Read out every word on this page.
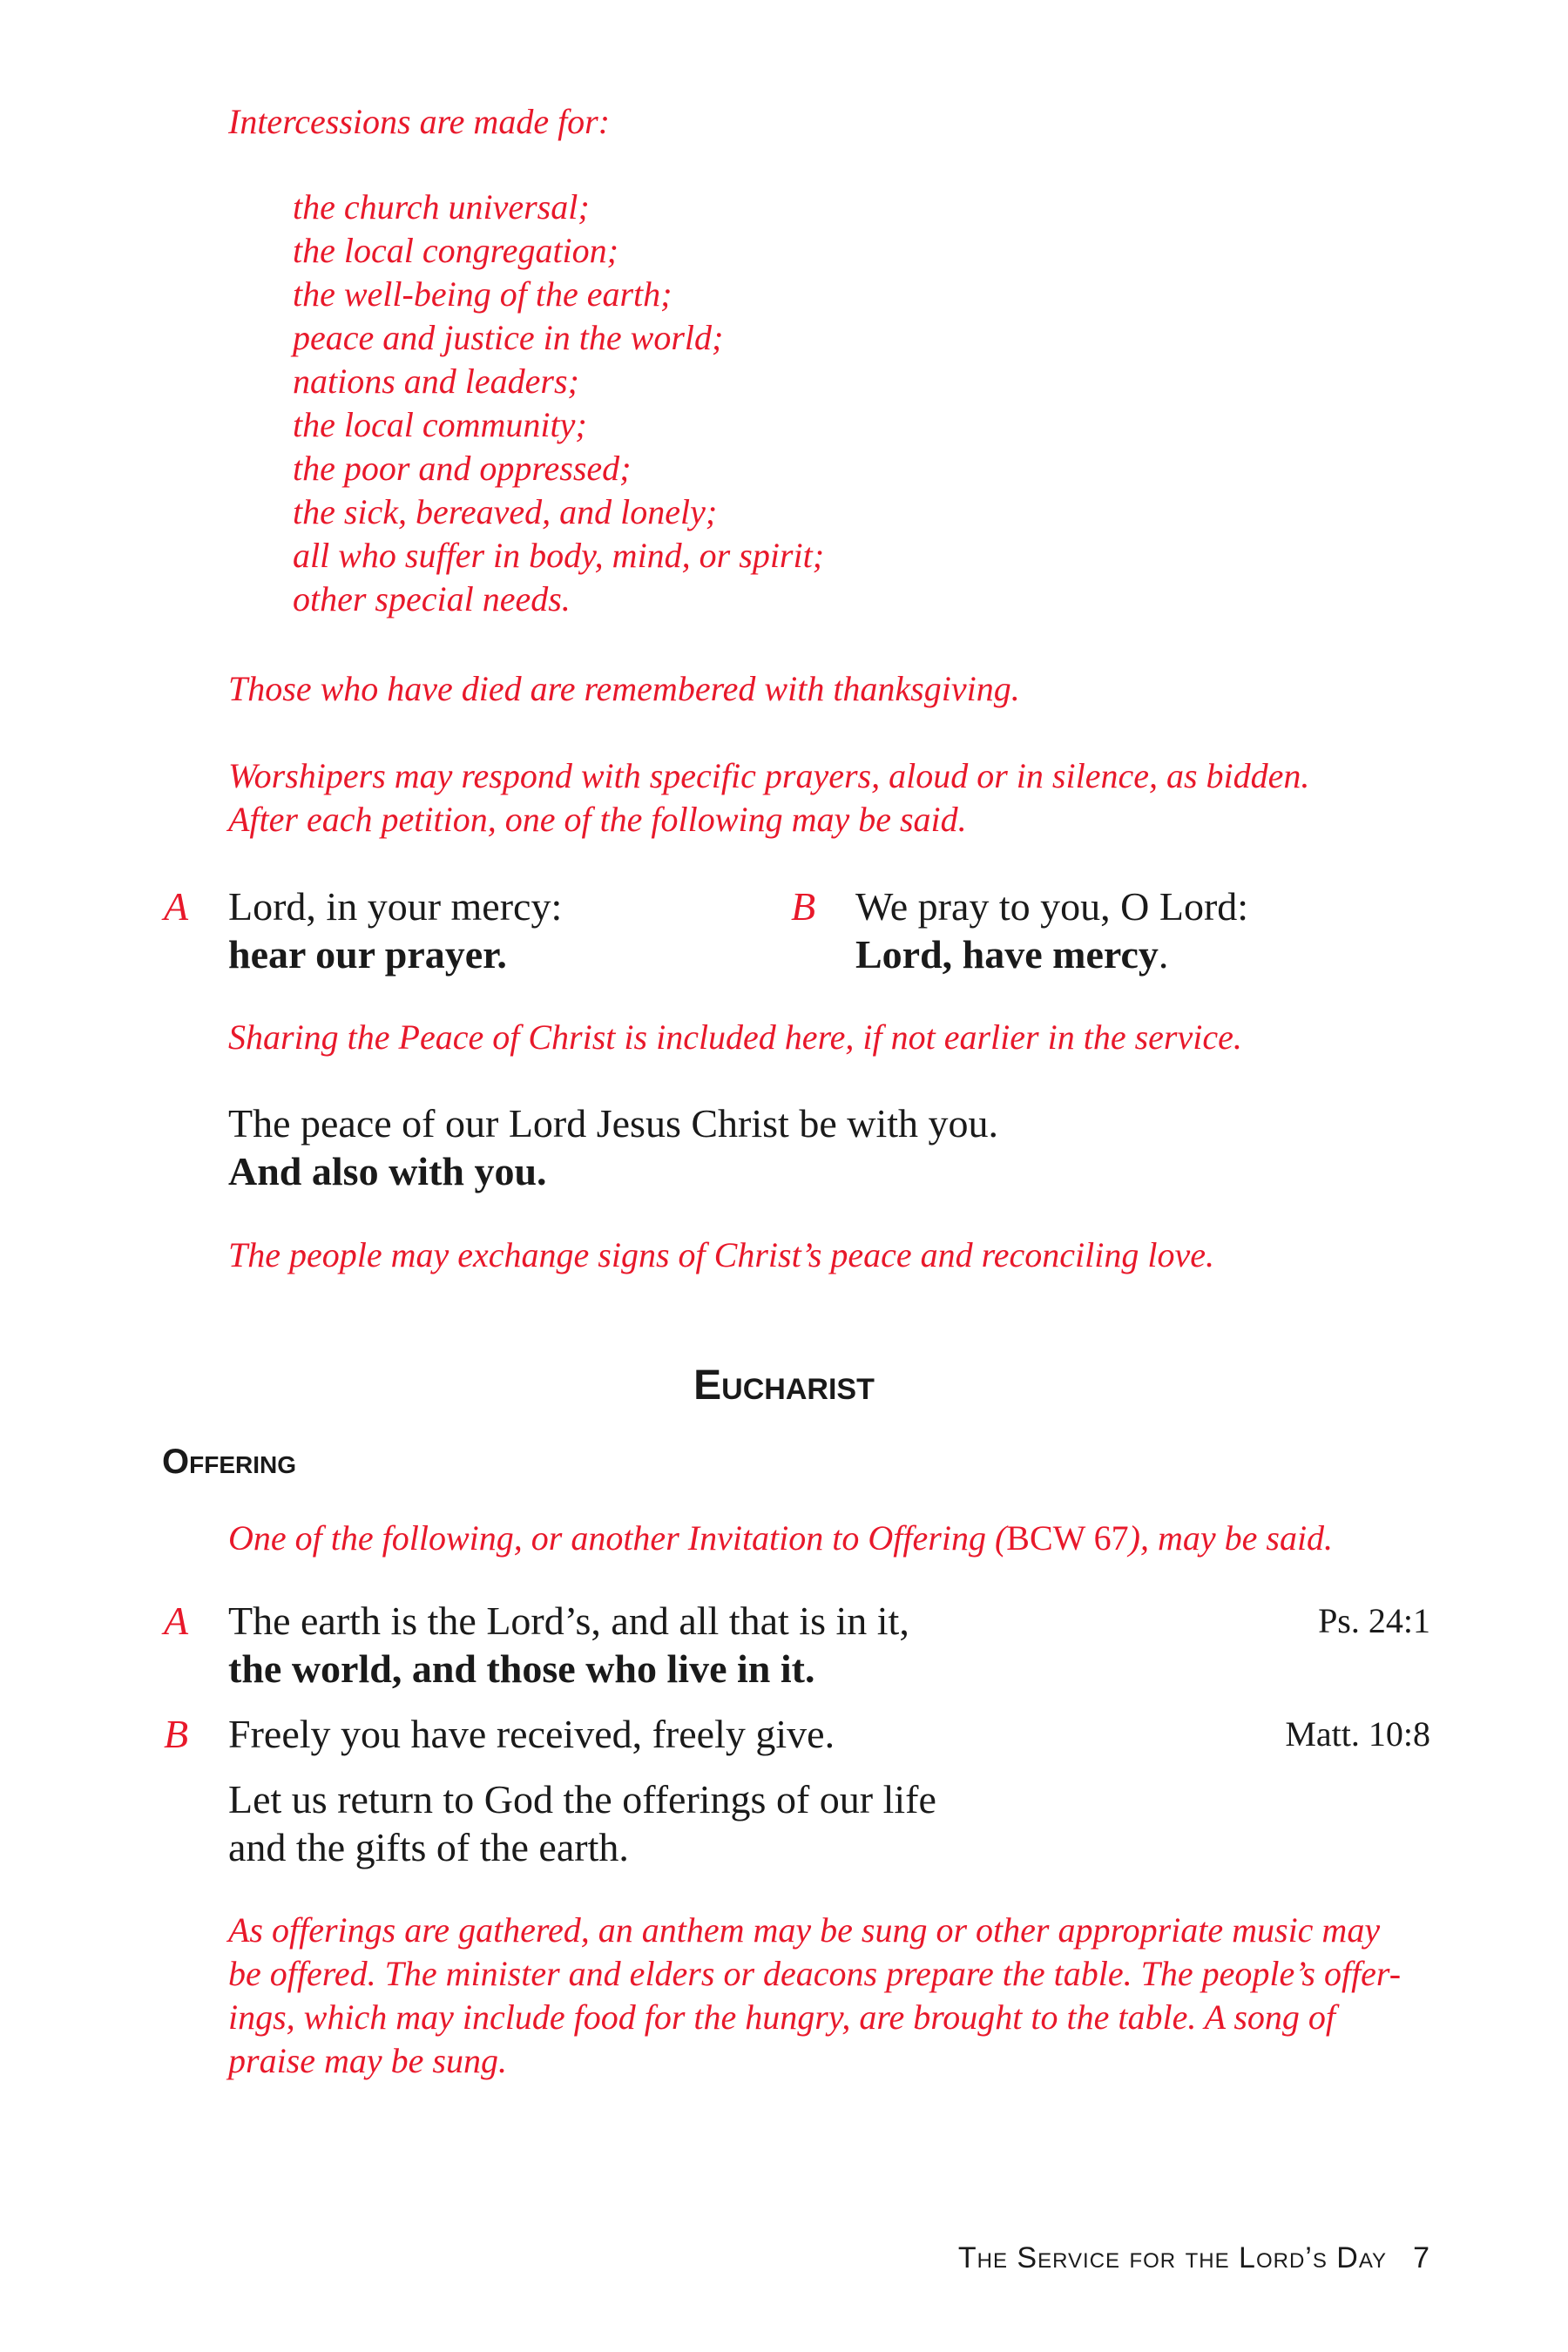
Intercessions are made for:
the church universal;
the local congregation;
the well-being of the earth;
peace and justice in the world;
nations and leaders;
the local community;
the poor and oppressed;
the sick, bereaved, and lonely;
all who suffer in body, mind, or spirit;
other special needs.
Those who have died are remembered with thanksgiving.
Worshipers may respond with specific prayers, aloud or in silence, as bidden.
After each petition, one of the following may be said.
A Lord, in your mercy:
hear our prayer.
B We pray to you, O Lord:
Lord, have mercy.
Sharing the Peace of Christ is included here, if not earlier in the service.
The peace of our Lord Jesus Christ be with you.
And also with you.
The people may exchange signs of Christ’s peace and reconciling love.
Eucharist
Offering
One of the following, or another Invitation to Offering (BCW 67), may be said.
A The earth is the Lord’s, and all that is in it,	Ps. 24:1
the world, and those who live in it.
B Freely you have received, freely give.	Matt. 10:8
Let us return to God the offerings of our life
and the gifts of the earth.
As offerings are gathered, an anthem may be sung or other appropriate music may
be offered. The minister and elders or deacons prepare the table. The people’s offer-
ings, which may include food for the hungry, are brought to the table. A song of
praise may be sung.
The Service for the Lord’s Day 7
